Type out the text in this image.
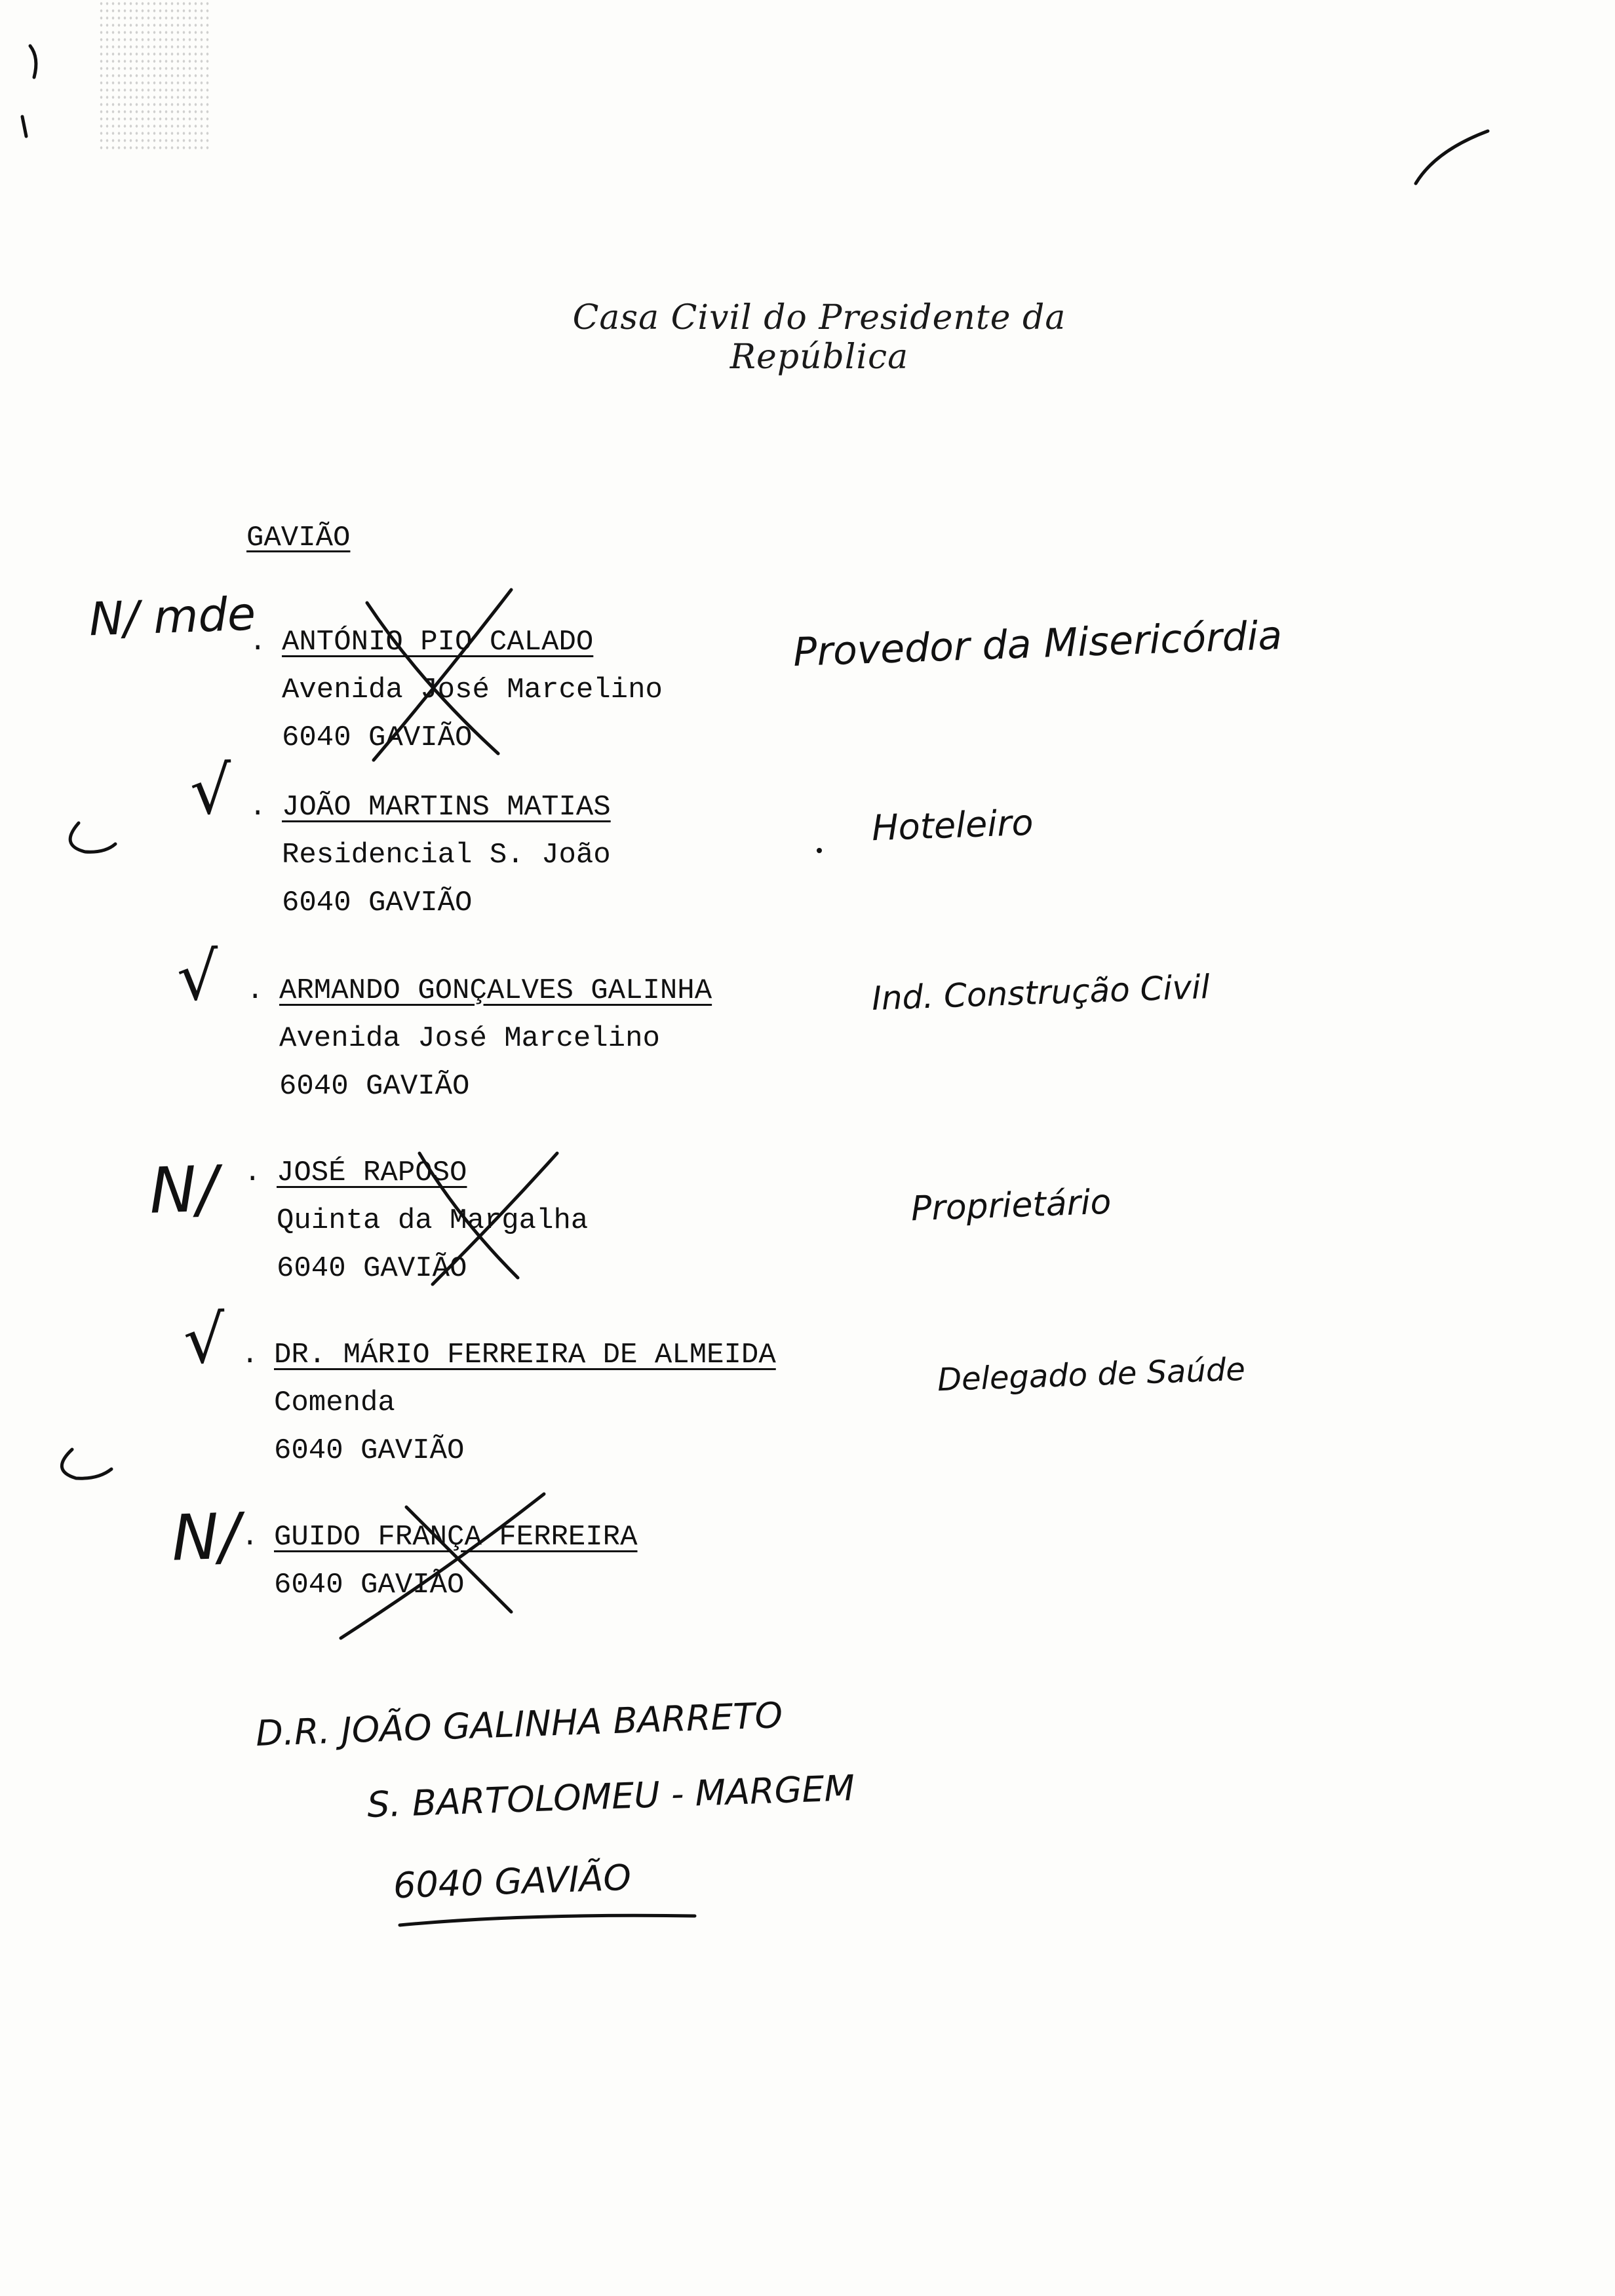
Casa Civil do Presidente da República
GAVIÃO
. ANTÓNIO PIO CALADO
Avenida José Marcelino
6040 GAVIÃO
. JOÃO MARTINS MATIAS
Residencial S. João
6040 GAVIÃO
. ARMANDO GONÇALVES GALINHA
Avenida José Marcelino
6040 GAVIÃO
. JOSÉ RAPOSO
Quinta da Margalha
6040 GAVIÃO
. DR. MÁRIO FERREIRA DE ALMEIDA
Comenda
6040 GAVIÃO
. GUIDO FRANÇA FERREIRA
6040 GAVIÃO
Provedor da Misericórdia
Hoteleiro
Ind. Construção Civil
Proprietário
Delegado de Saúde
N/ mde
√
√
N/
√
N/
D.R. JOÃO GALINHA BARRETO
S. BARTOLOMEU - MARGEM
6040 GAVIÃO
